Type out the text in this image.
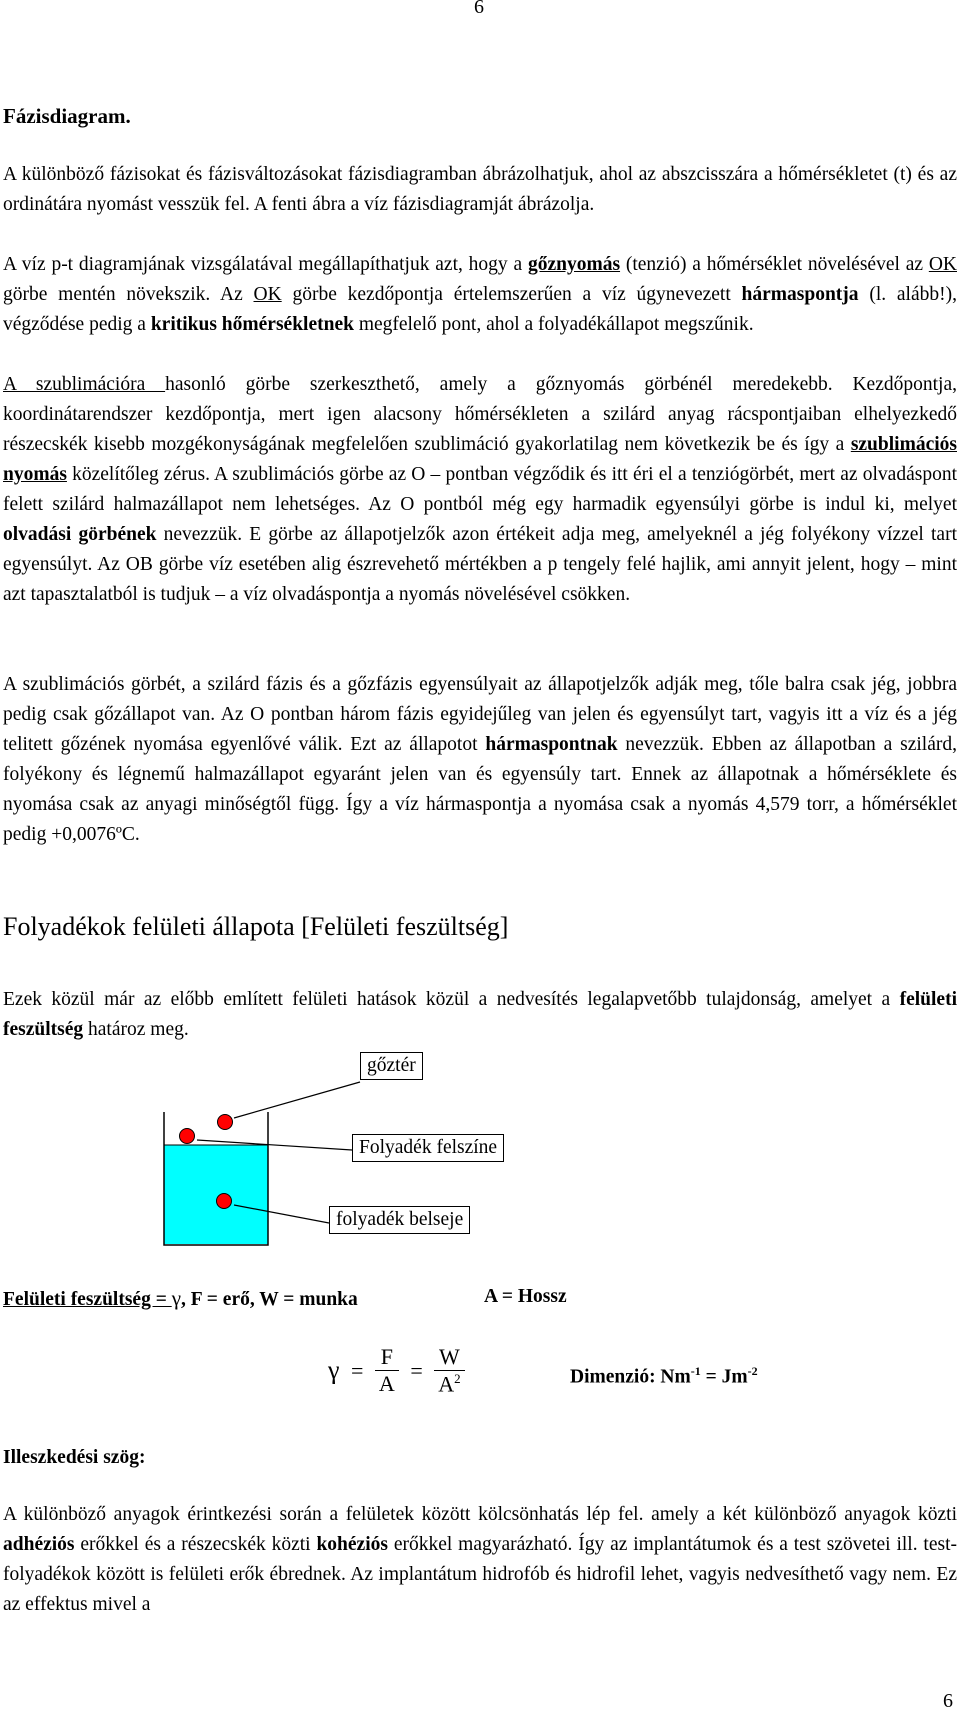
6
Fázisdiagram.
A különböző fázisokat és fázisváltozásokat fázisdiagramban ábrázolhatjuk, ahol az abszcisszára a hőmérsékletet (t) és az ordinátára nyomást vesszük fel. A fenti ábra a víz fázisdiagramját ábrázolja.
A víz p-t diagramjának vizsgálatával megállapíthatjuk azt, hogy a gőznyomás (tenzió) a hőmérséklet növelésével az OK görbe mentén növekszik. Az OK görbe kezdőpontja értelemszerűen a víz úgynevezett hármaspontja (l. alább!), végződése pedig a kritikus hőmérsékletnek megfelelő pont, ahol a folyadékállapot megszűnik.
A szublimációra hasonló görbe szerkeszthető, amely a gőznyomás görbénél meredekebb. Kezdőpontja, koordinátarendszer kezdőpontja, mert igen alacsony hőmérsékleten a szilárd anyag rácspontjaiban elhelyezkedő részecskék kisebb mozgékonyságának megfelelően szublimáció gyakorlatilag nem következik be és így a szublimációs nyomás közelítőleg zérus. A szublimációs görbe az O – pontban végződik és itt éri el a tenziógörbét, mert az olvadáspont felett szilárd halmazállapot nem lehetséges. Az O pontból még egy harmadik egyensúlyi görbe is indul ki, melyet olvadási görbének nevezzük. E görbe az állapotjelzők azon értékeit adja meg, amelyeknél a jég folyékony vízzel tart egyensúlyt. Az OB görbe víz esetében alig észrevehető mértékben a p tengely felé hajlik, ami annyit jelent, hogy – mint azt tapasztalatból is tudjuk – a víz olvadáspontja a nyomás növelésével csökken.
A szublimációs görbét, a szilárd fázis és a gőzfázis egyensúlyait az állapotjelzők adják meg, tőle balra csak jég, jobbra pedig csak gőzállapot van. Az O pontban három fázis egyidejűleg van jelen és egyensúlyt tart, vagyis itt a víz és a jég telitett gőzének nyomása egyenlővé válik. Ezt az állapotot hármaspontnak nevezzük. Ebben az állapotban a szilárd, folyékony és légnemű halmazállapot egyaránt jelen van és egyensúly tart. Ennek az állapotnak a hőmérséklete és nyomása csak az anyagi minőségtől függ. Így a víz hármaspontja a nyomása csak a nyomás 4,579 torr, a hőmérséklet pedig +0,0076ºC.
Folyadékok felületi állapota [Felületi feszültség]
Ezek közül már az előbb említett felületi hatások közül a nedvesítés legalapvetőbb tulajdonság, amelyet a felületi feszültség határoz meg.
gőztér
Folyadék felszíne
folyadék belseje
Felületi feszültség = γ, F = erő, W = munka	A = Hossz
$\gamma = \frac{F}{A} = \frac{W}{A^2}$	Dimenzió: $Nm^{-1} = Jm^{-2}$
Illeszkedési szög:
A különböző anyagok érintkezési során a felületek között kölcsönhatás lép fel. amely a két különböző anyagok közti adhéziós erőkkel és a részecskék közti kohéziós erőkkel magyarázható. Így az implantátumok és a test szövetei ill. test-folyadékok között is felületi erők ébrednek. Az implantátum hidrofób és hidrofil lehet, vagyis nedvesíthető vagy nem. Ez az effektus mivel a
6
